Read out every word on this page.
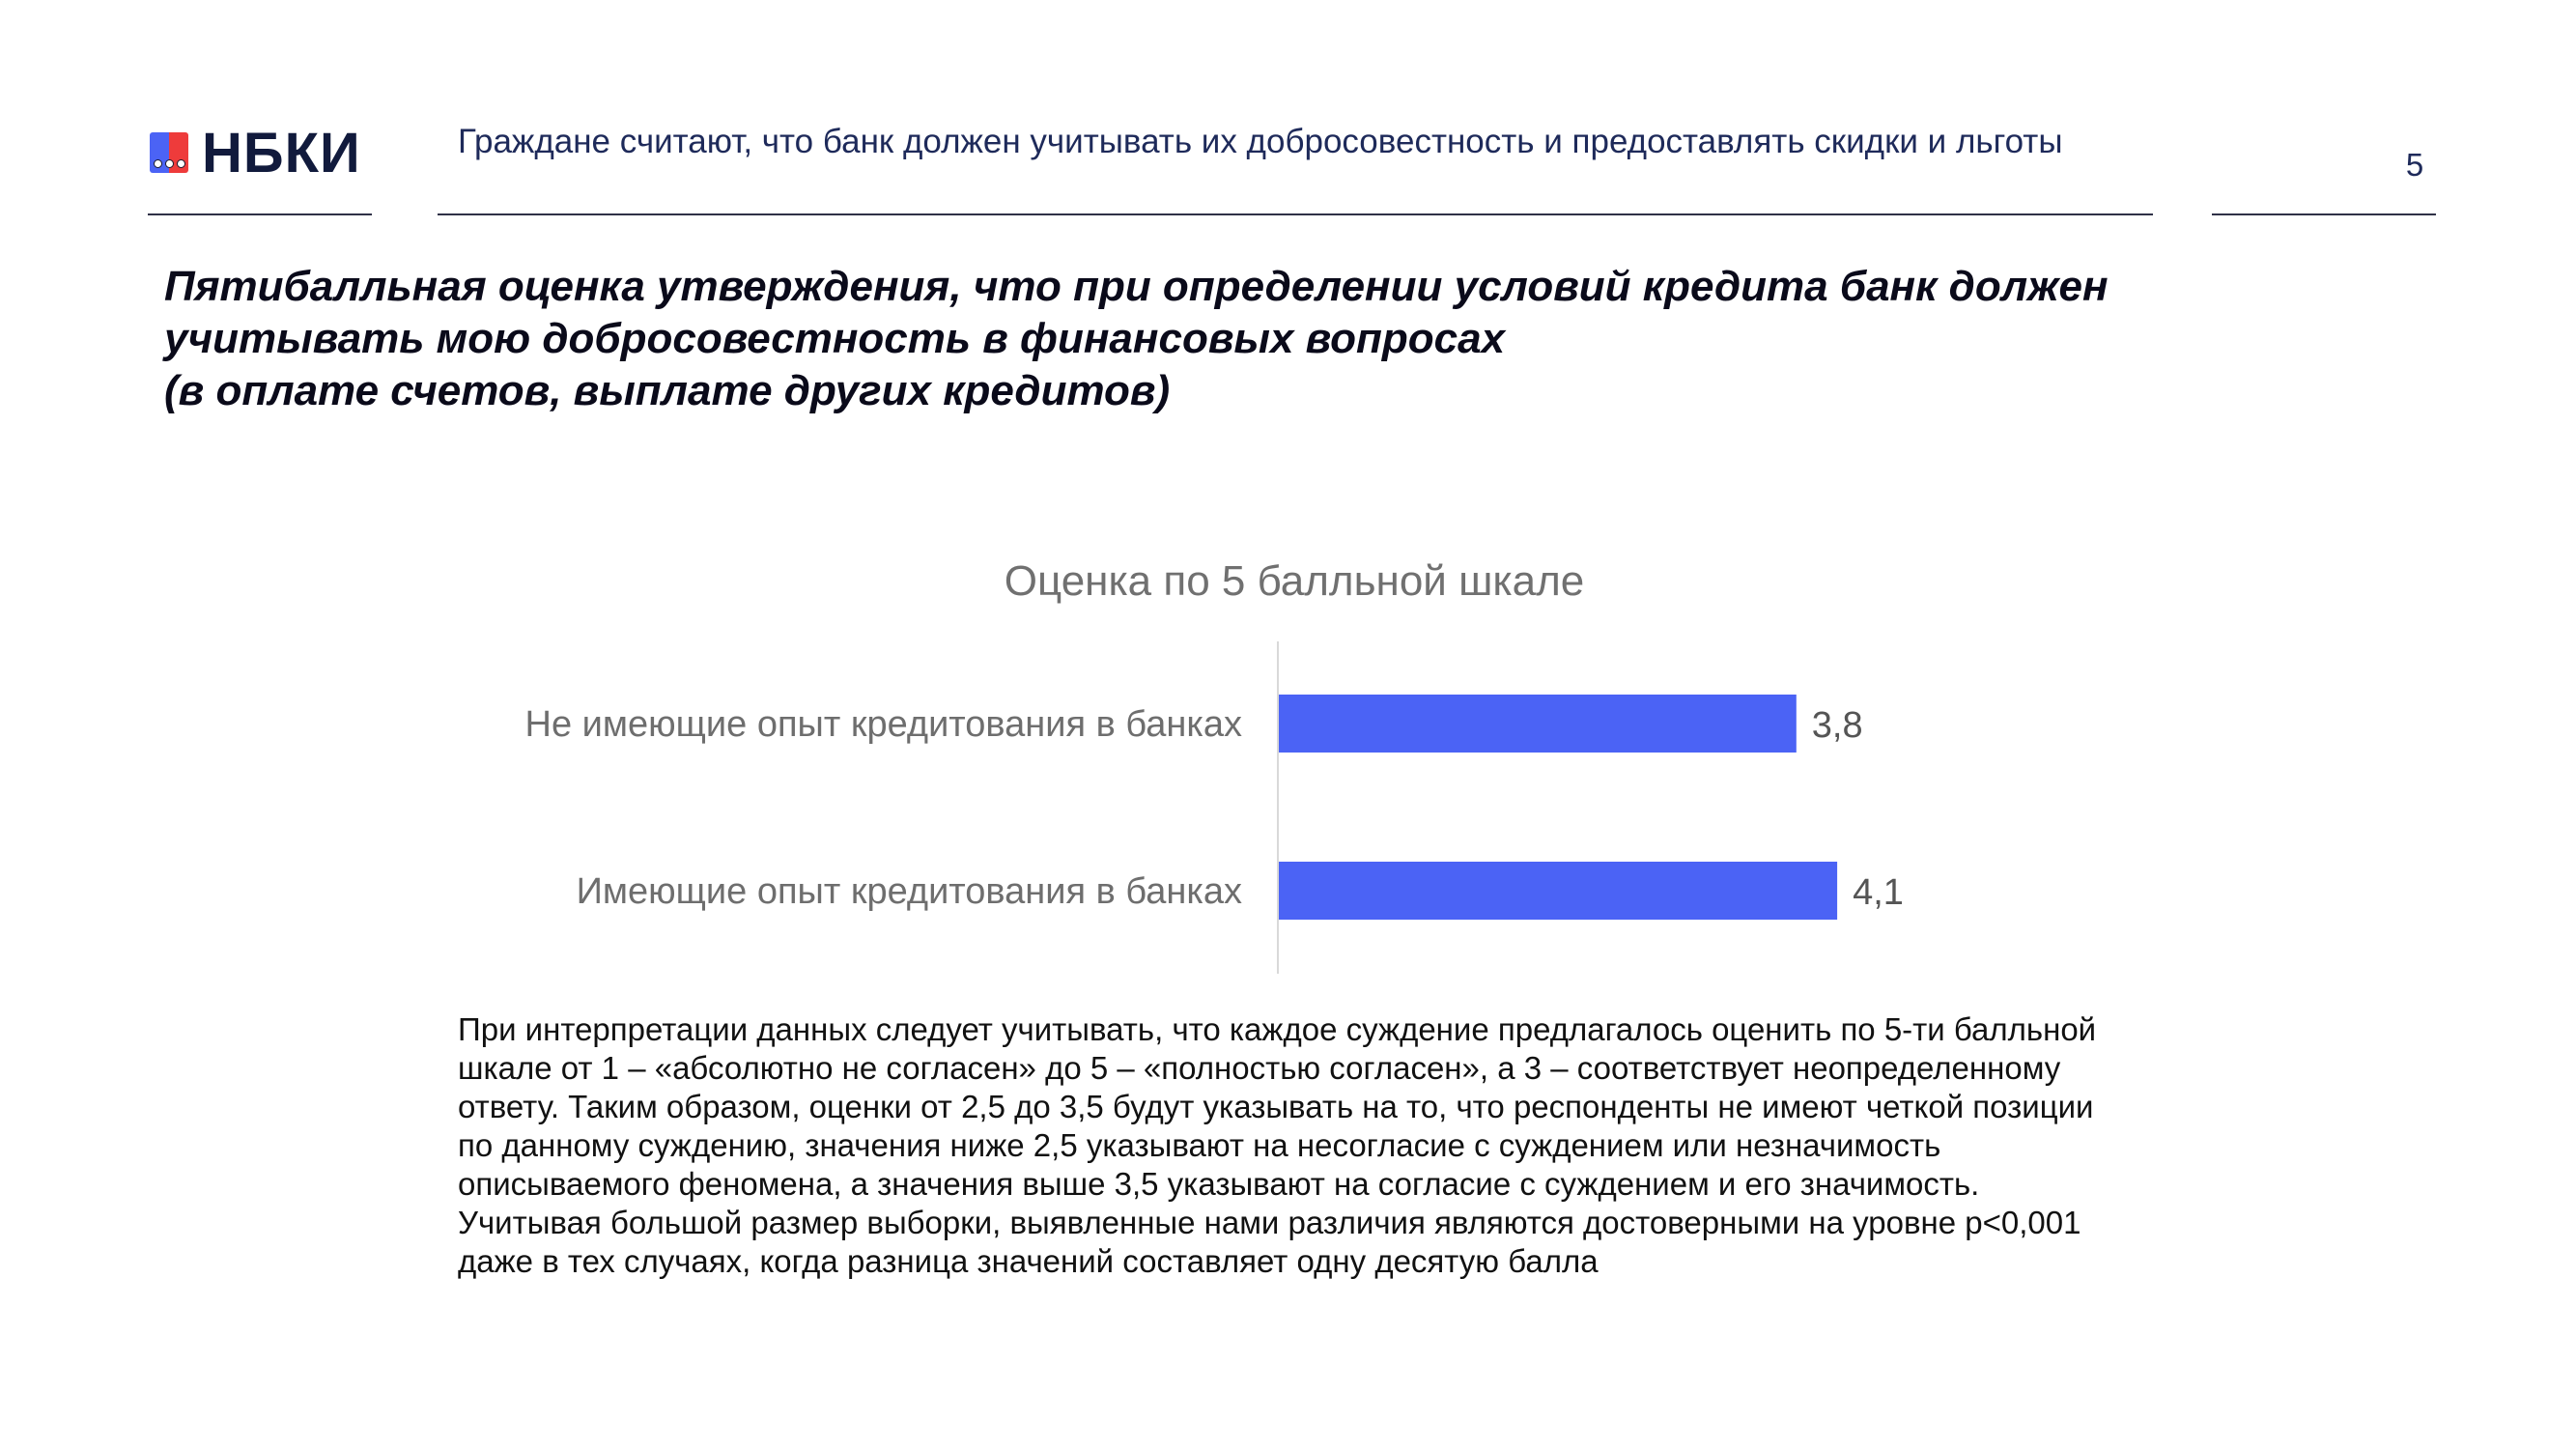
НБКИ	Граждане считают, что банк должен учитывать их добросовестность и предоставлять скидки и льготы
5
Пятибалльная оценка утверждения, что при определении условий кредита банк должен
учитывать мою добросовестность в финансовых вопросах
(в оплате счетов, выплате других кредитов)
Оценка по 5 балльной шкале
Не имеющие опыт кредитования в банках	3,8
Имеющие опыт кредитования в банках	4,1
При интерпретации данных следует учитывать, что каждое суждение предлагалось оценить по 5-ти балльной шкале от 1 – «абсолютно не согласен» до 5 – «полностью согласен», а 3 – соответствует неопределенному ответу. Таким образом, оценки от 2,5 до 3,5 будут указывать на то, что респонденты не имеют четкой позиции по данному суждению, значения ниже 2,5 указывают на несогласие с суждением или незначимость описываемого феномена, а значения выше 3,5 указывают на согласие с суждением и его значимость. Учитывая большой размер выборки, выявленные нами различия являются достоверными на уровне p<0,001 даже в тех случаях, когда разница значений составляет одну десятую балла
